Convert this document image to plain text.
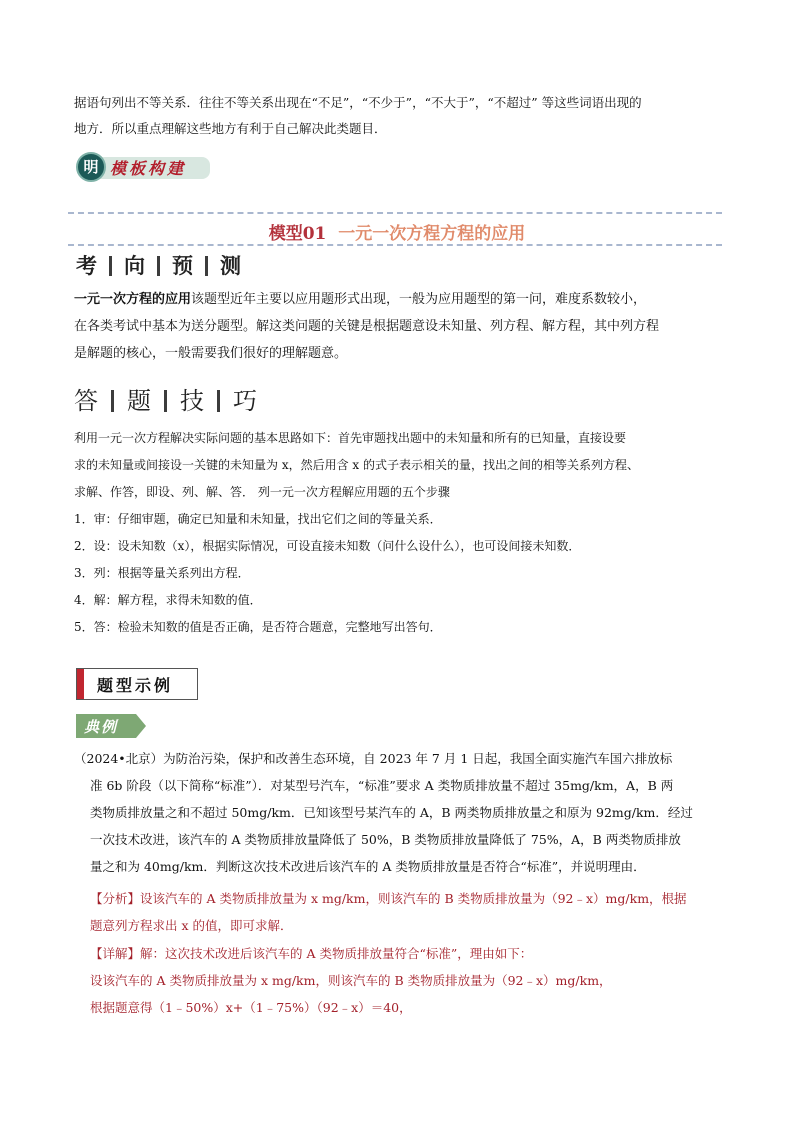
据语句列出不等关系．往往不等关系出现在“不足”，“不少于”，“不大于”，“不超过” 等这些词语出现的

地方．所以重点理解这些地方有利于自己解决此类题目．

明 模板构建
模型01 一元一次方程方程的应用
考 向 预 测

一元一次方程的应用该题型近年主要以应用题形式出现，一般为应用题型的第一问，难度系数较小，

在各类考试中基本为送分题型。解这类问题的关键是根据题意设未知量、列方程、解方程，其中列方程

是解题的核心，一般需要我们很好的理解题意。

答 题 技 巧

利用一元一次方程解决实际问题的基本思路如下：首先审题找出题中的未知量和所有的已知量，直接设要

求的未知量或间接设一关键的未知量为 x，然后用含 x 的式子表示相关的量，找出之间的相等关系列方程、

求解、作答，即设、列、解、答． 列一元一次方程解应用题的五个步骤

1．审：仔细审题，确定已知量和未知量，找出它们之间的等量关系．

2．设：设未知数（x），根据实际情况，可设直接未知数（问什么设什么），也可设间接未知数．

3．列：根据等量关系列出方程．

4．解：解方程，求得未知数的值．

5．答：检验未知数的值是否正确，是否符合题意，完整地写出答句．

题型示例
典例

（2024•北京）为防治污染，保护和改善生态环境，自 2023 年 7 月 1 日起，我国全面实施汽车国六排放标

准 6b 阶段（以下简称“标准”）．对某型号汽车，“标准”要求 A 类物质排放量不超过 35mg/km，A，B 两

类物质排放量之和不超过 50mg/km．已知该型号某汽车的 A，B 两类物质排放量之和原为 92mg/km．经过

一次技术改进，该汽车的 A 类物质排放量降低了 50%，B 类物质排放量降低了 75%，A，B 两类物质排放

量之和为 40mg/km．判断这次技术改进后该汽车的 A 类物质排放量是否符合“标准”，并说明理由．

【分析】设该汽车的 A 类物质排放量为 x mg/km，则该汽车的 B 类物质排放量为（92﹣x）mg/km，根据

题意列方程求出 x 的值，即可求解．

【详解】解：这次技术改进后该汽车的 A 类物质排放量符合“标准”，理由如下：

设该汽车的 A 类物质排放量为 x mg/km，则该汽车的 B 类物质排放量为（92﹣x）mg/km，

根据题意得（1﹣50%）x+（1﹣75%）（92﹣x）＝40，
